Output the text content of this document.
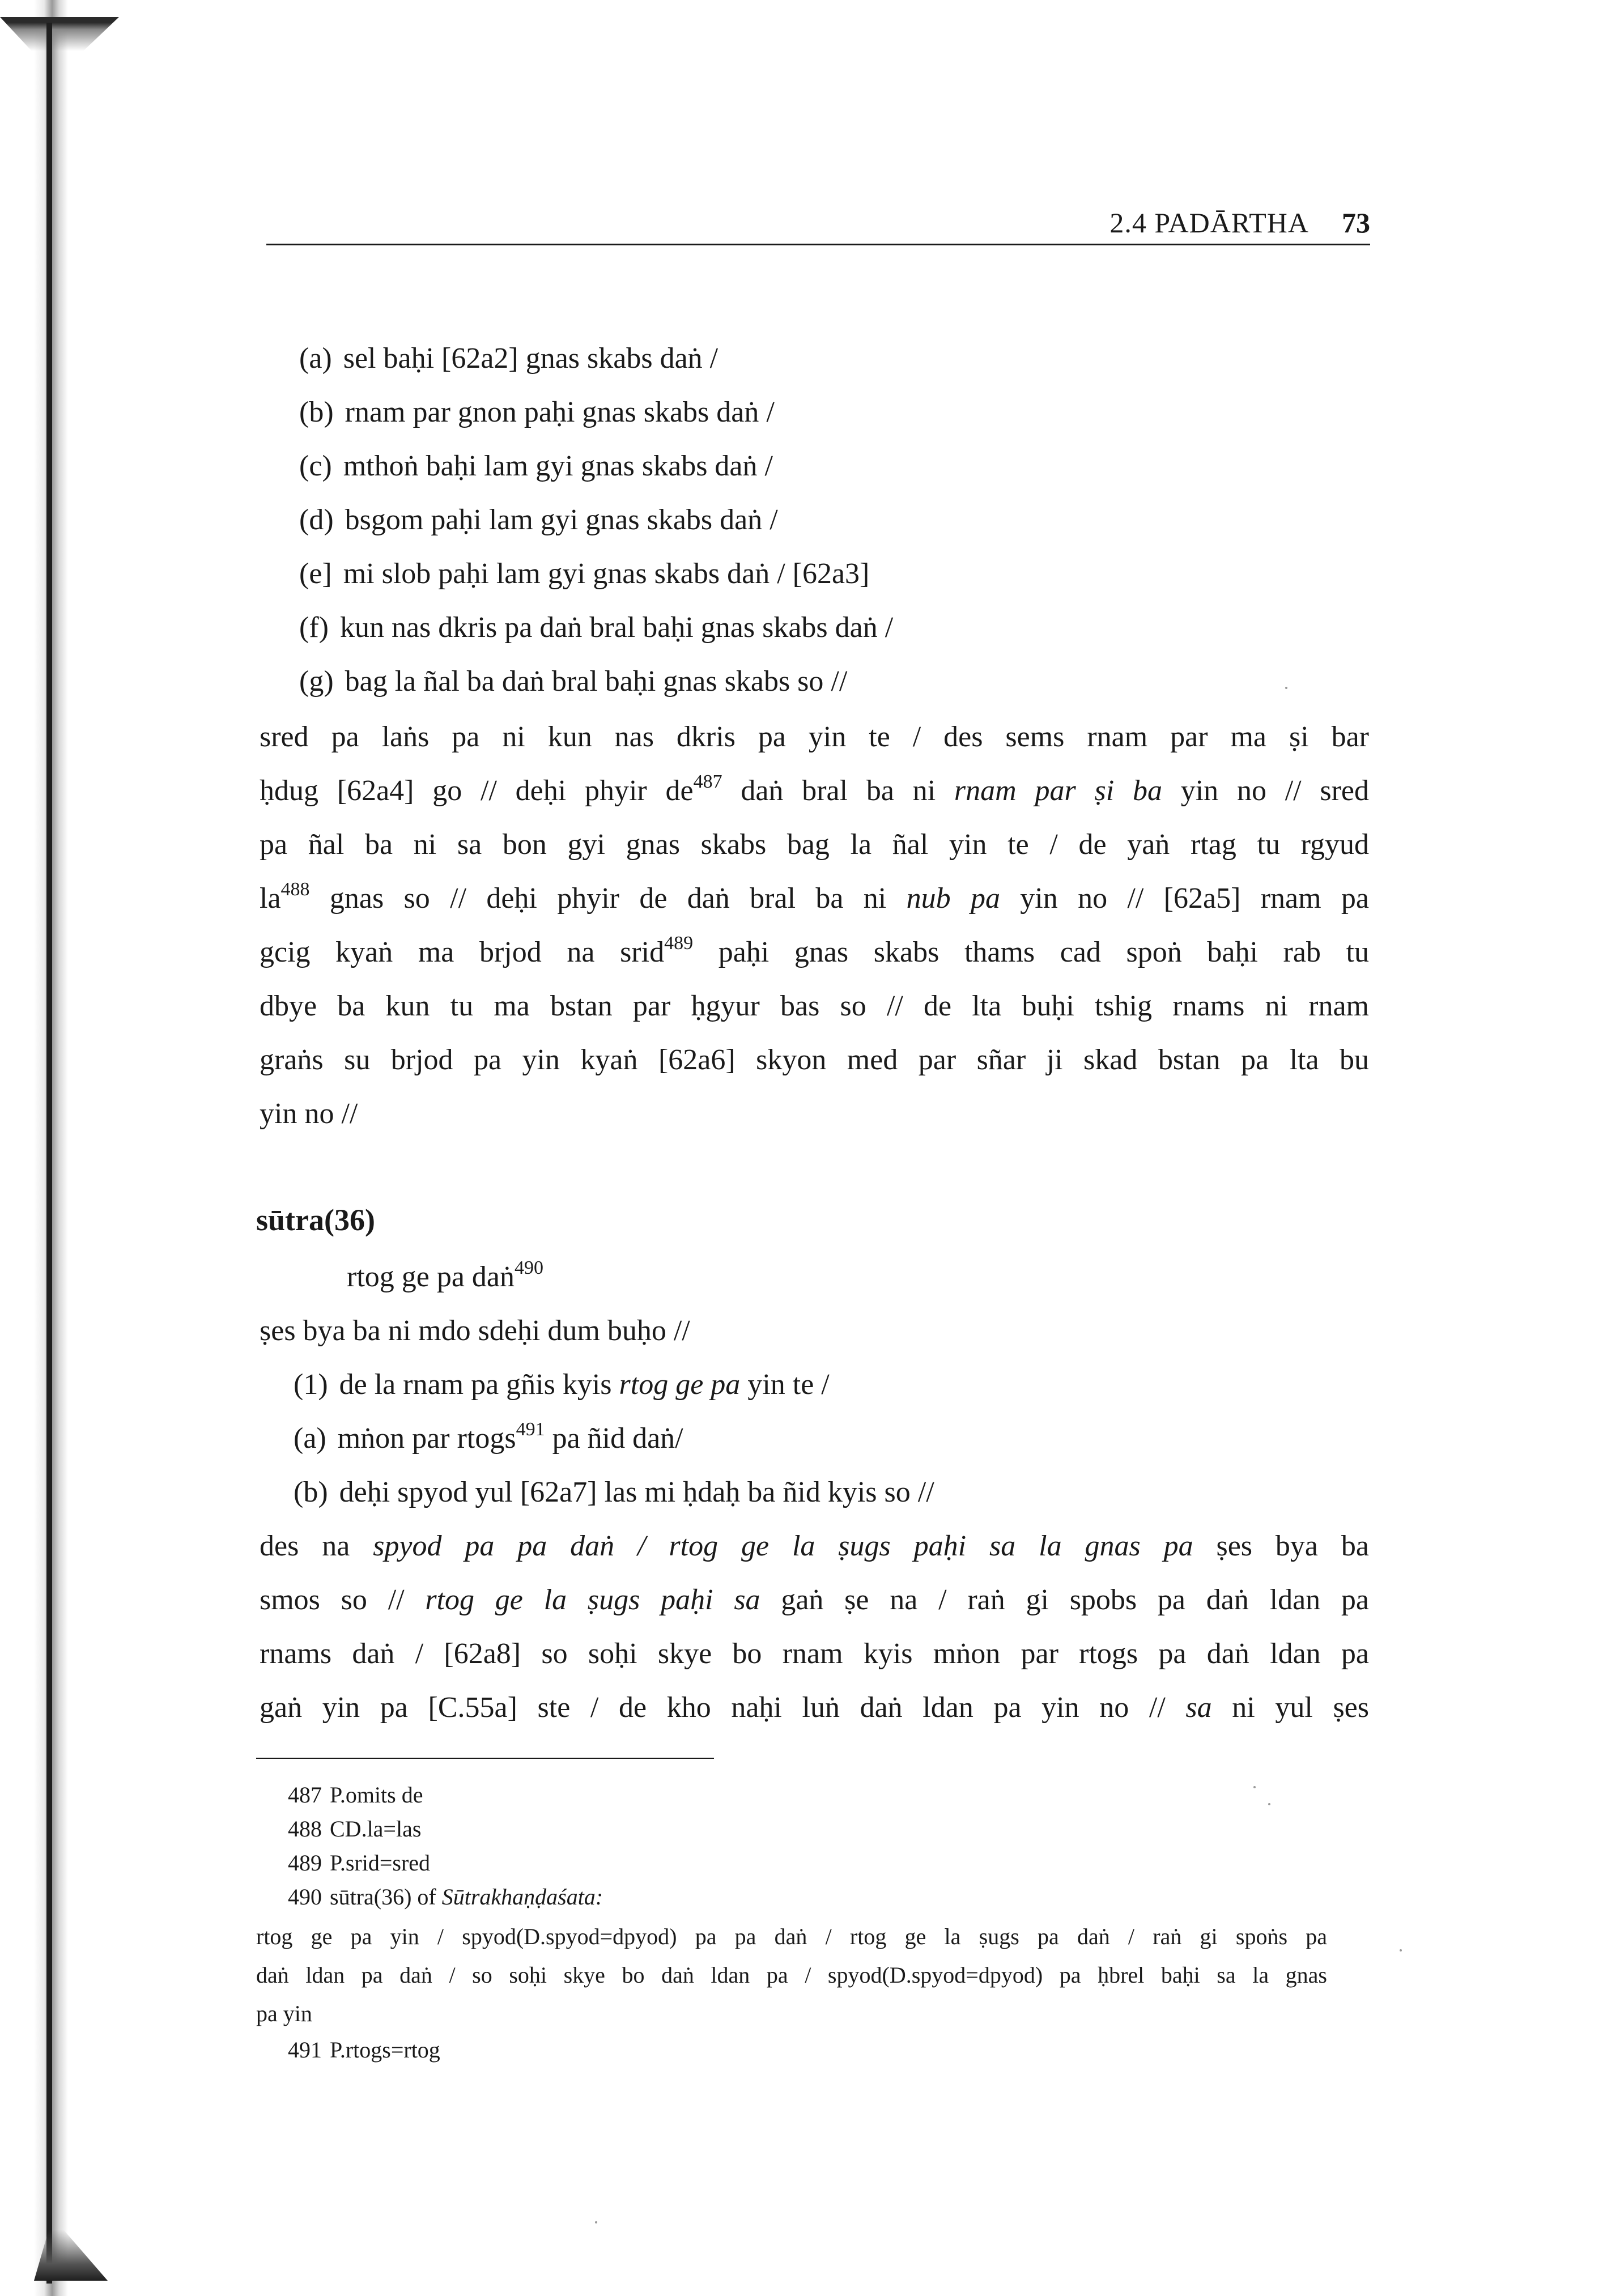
2.4 PADĀRTHA 73
(a) sel baḥi [62a2] gnas skabs daṅ /
(b) rnam par gnon paḥi gnas skabs daṅ /
(c) mthoṅ baḥi lam gyi gnas skabs daṅ /
(d) bsgom paḥi lam gyi gnas skabs daṅ /
(e] mi slob paḥi lam gyi gnas skabs daṅ / [62a3]
(f) kun nas dkris pa daṅ bral baḥi gnas skabs daṅ /
(g) bag la ñal ba daṅ bral baḥi gnas skabs so //
sred pa laṅs pa ni kun nas dkris pa yin te / des sems rnam par ma ṣi bar
ḥdug [62a4] go // deḥi phyir $de^{487}$ daṅ bral ba ni rnam par ṣi ba yin no // sred
pa ñal ba ni sa bon gyi gnas skabs bag la ñal yin te / de yaṅ rtag tu rgyud
$la^{488}$ gnas so // deḥi phyir de daṅ bral ba ni nub pa yin no // [62a5] rnam pa
gcig kyaṅ ma brjod na srid$^{489}$ paḥi gnas skabs thams cad spoṅ baḥi rab tu
dbye ba kun tu ma bstan par ḥgyur bas so // de lta buḥi tshig rnams ni rnam
graṅs su brjod pa yin kyaṅ [62a6] skyon med par sñar ji skad bstan pa lta bu
yin no //
sūtra(36)
rtog ge pa daṅ$^{490}$
ṣes bya ba ni mdo sdeḥi dum buḥo //
(1) de la rnam pa gñis kyis rtog ge pa yin te /
(a) mṅon par rtogs$^{491}$ pa ñid daṅ/
(b) deḥi spyod yul [62a7] las mi ḥdaḥ ba ñid kyis so //
des na spyod pa pa daṅ / rtog ge la ṣugs paḥi sa la gnas pa ṣes bya ba
smos so // rtog ge la ṣugs paḥi sa gaṅ ṣe na / raṅ gi spobs pa daṅ ldan pa
rnams daṅ / [62a8] so soḥi skye bo rnam kyis mṅon par rtogs pa daṅ ldan pa
gaṅ yin pa [C.55a] ste / de kho naḥi luṅ daṅ ldan pa yin no // sa ni yul ṣes
487 P.omits de
488 CD.la=las
489 P.srid=sred
490 sūtra(36) of Sūtrakhaṇḍaśata:
rtog ge pa yin / spyod(D.spyod=dpyod) pa pa daṅ / rtog ge la ṣugs pa daṅ / raṅ gi spoṅs pa
daṅ ldan pa daṅ / so soḥi skye bo daṅ ldan pa / spyod(D.spyod=dpyod) pa ḥbrel baḥi sa la gnas
pa yin
491 P.rtogs=rtog
